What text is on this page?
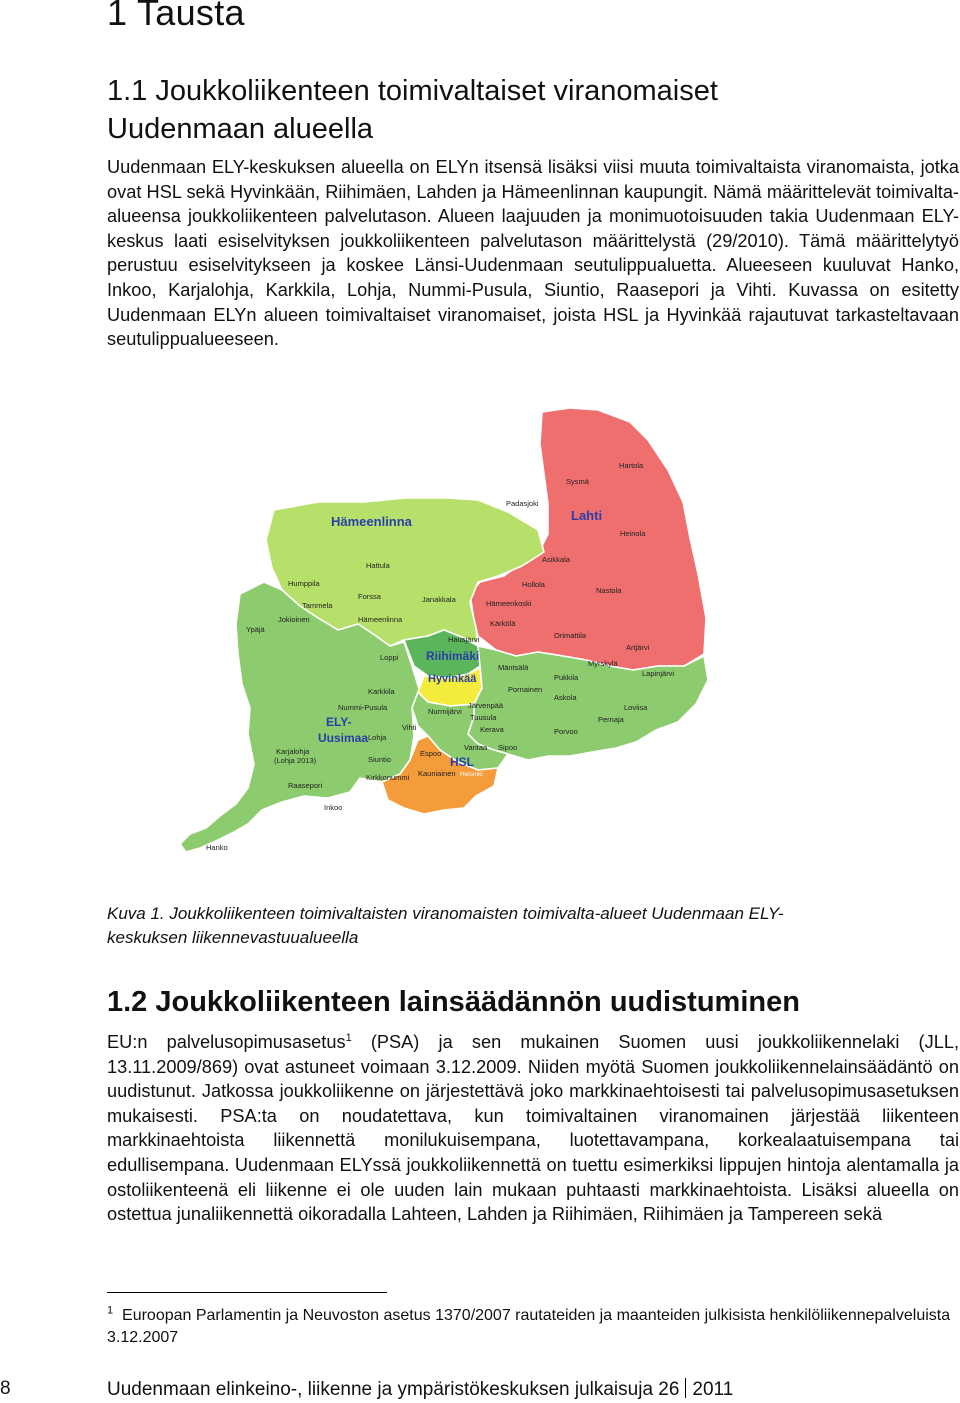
1 Tausta
1.1 Joukkoliikenteen toimivaltaiset viranomaiset
Uudenmaan alueella

Uudenmaan ELY-keskuksen alueella on ELYn itsensä lisäksi viisi muuta toimivaltaista viranomaista, jotka ovat HSL sekä Hyvinkään, Riihimäen, Lahden ja Hämeenlinnan kaupungit. Nämä määrittelevät toimivalta-alueensa joukkoliikenteen palvelutason. Alueen laajuuden ja monimuotoisuuden takia Uudenmaan ELY-keskus laati esiselvityksen joukkoliikenteen palvelutason määrittelystä (29/2010). Tämä määrittelytyö perustuu esiselvitykseen ja koskee Länsi-Uudenmaan seutulippualuetta. Alueeseen kuuluvat Hanko, Inkoo, Karjalohja, Karkkila, Lohja, Nummi-Pusula, Siuntio, Raasepori ja Vihti. Kuvassa on esitetty Uudenmaan ELYn alueen toimivaltaiset viranomaiset, joista HSL ja Hyvinkää rajautuvat tarkasteltavaan seutulippualueeseen.

Lahti
Hämeenlinna
Riihimäki
Hyvinkää
ELY-
Uusimaa
HSL
Hartola
Sysmä
Padasjoki
Heinola
Asikkala
Hattula
Hollola
Nastola
Humppila
Forssa
Tammela
Janakkala	Hämeenkoski
Jokioinen	Hämeenlinna	Kärkölä
Orimattila
Ypäjä
Artjärvi
Hausjärvi
Loppi
Mäntsälä	Myrskylä
Lapinjärvi
Pukkila
Karkkila	Pornainen
Askola
Nummi-Pusula	Nurmijärvi
Järvenpää	Loviisa
Tuusula	Pernaja
Vihti	Kerava	Porvoo
Lohja
Sipoo
Espoo
Vantaa
Karjalohja
(Lohja 2013)	Siuntio
Kirkkonummi Kauniainen Helsinki
Raasepori
Inkoo
Hanko
Kuva 1. Joukkoliikenteen toimivaltaisten viranomaisten toimivalta-alueet Uudenmaan ELY-
keskuksen liikennevastuualueella
1.2 Joukkoliikenteen lainsäädännön uudistuminen

EU:n palvelusopimusasetus$^1$ (PSA) ja sen mukainen Suomen uusi joukkoliikennelaki (JLL, 13.11.2009/869) ovat astuneet voimaan 3.12.2009. Niiden myötä Suomen joukkoliikennelainsäädäntö on uudistunut. Jatkossa joukkoliikenne on järjestettävä joko markkinaehtoisesti tai palvelusopimusasetuksen mukaisesti. PSA:ta on noudatettava, kun toimivaltainen viranomainen järjestää liikenteen markkinaehtoista liikennettä monilukuisempana, luotettavampana, korkealaatuisempana tai edullisempana. Uudenmaan ELYssä joukkoliikennettä on tuettu esimerkiksi lippujen hintoja alentamalla ja ostoliikenteenä eli liikenne ei ole uuden lain mukaan puhtaasti markkinaehtoista. Lisäksi alueella on ostettua junaliikennettä oikoradalla Lahteen, Lahden ja Riihimäen, Riihimäen ja Tampereen sekä

$^1$ Euroopan Parlamentin ja Neuvoston asetus 1370/2007 rautateiden ja maanteiden julkisista henkilöliikennepalveluista 3.12.2007
8	Uudenmaan elinkeino-, liikenne ja ympäristökeskuksen julkaisuja 26 2011
